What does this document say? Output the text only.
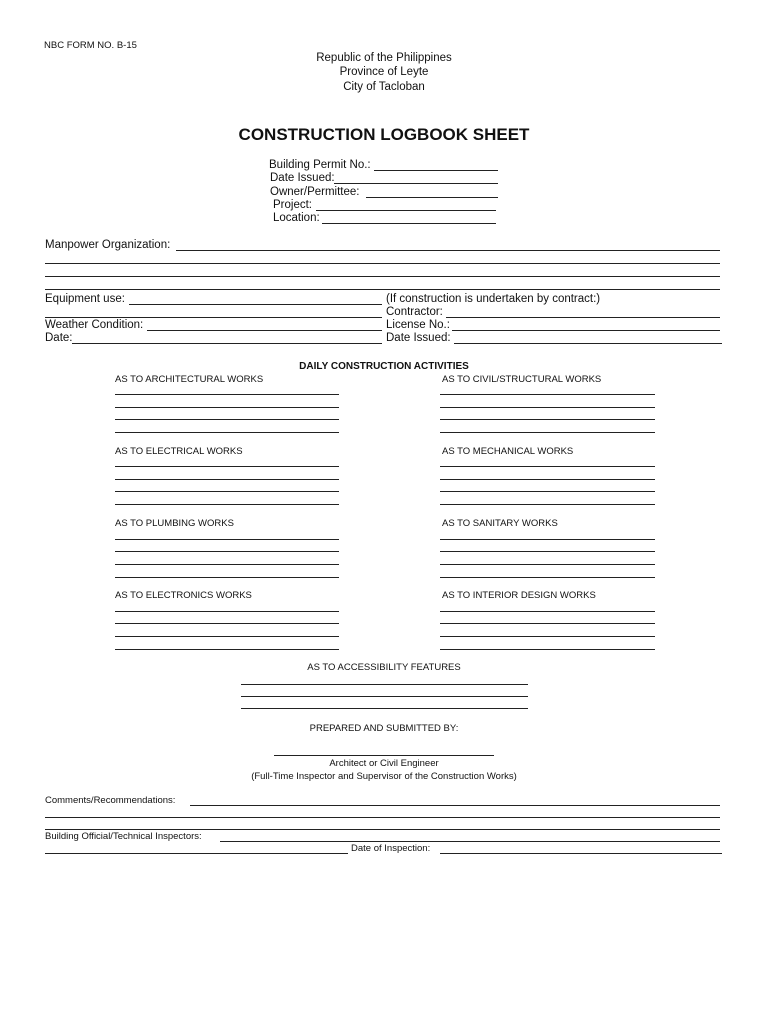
NBC FORM NO. B-15
Republic of the Philippines
Province of Leyte
City of Tacloban
CONSTRUCTION LOGBOOK SHEET
Building Permit No.:
Date Issued:
Owner/Permittee:
Project:
Location:
Manpower Organization:
Equipment use:	(If construction is undertaken by contract:)
Contractor:
Weather Condition:	License No.:
Date:	Date Issued:
DAILY CONSTRUCTION ACTIVITIES
AS TO ARCHITECTURAL WORKS	AS TO CIVIL/STRUCTURAL WORKS
AS TO ELECTRICAL WORKS	AS TO MECHANICAL WORKS
AS TO PLUMBING WORKS	AS TO SANITARY WORKS
AS TO ELECTRONICS WORKS	AS TO INTERIOR DESIGN WORKS
AS TO ACCESSIBILITY FEATURES
PREPARED AND SUBMITTED BY:
Architect or Civil Engineer
(Full-Time Inspector and Supervisor of the Construction Works)
Comments/Recommendations:
Building Official/Technical Inspectors:
Date of Inspection:
